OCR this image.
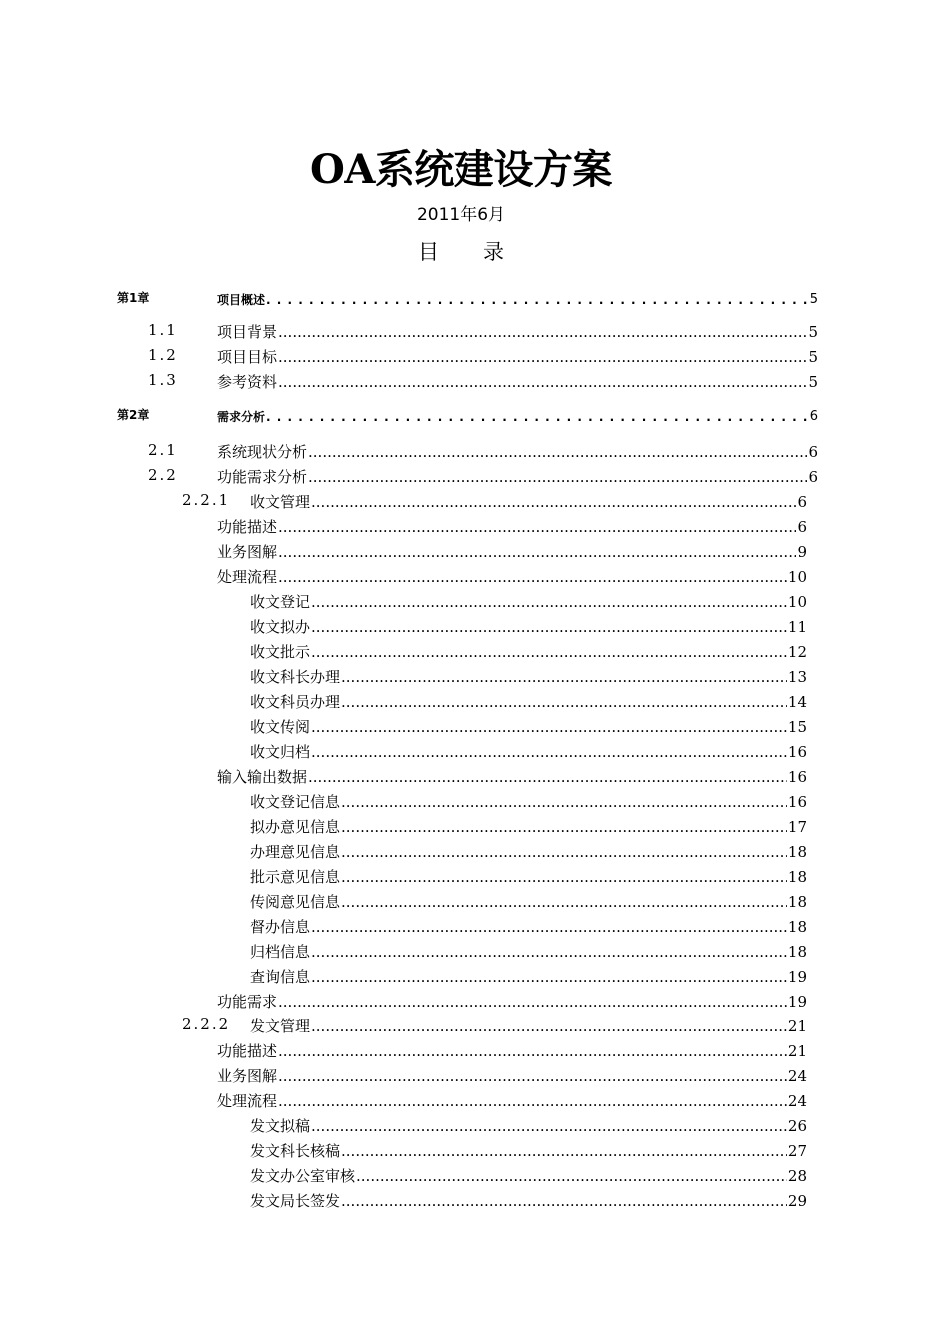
OA系统建设方案
2011年6月
目录
第1章	项目概述 . . .	5
1.1	项目背景 .....	5
1.2	项目目标 .....	5
1.3	参考资料 .....	5
第2章	需求分析 . . .	6
2.1	系统现状分析 .....	6
2.2	功能需求分析 .....	6
2.2.1 收文管理 .....	6
功能描述 .....	6
业务图解 .....	9
处理流程 .....	10
收文登记 .....	10
收文拟办 .....	11
收文批示 .....	12
收文科长办理 .....	13
收文科员办理 .....	14
收文传阅 .....	15
收文归档 .....	16
输入输出数据 .....	16
收文登记信息 .....	16
拟办意见信息 .....	17
办理意见信息 .....	18
批示意见信息 .....	18
传阅意见信息 .....	18
督办信息 .....	18
归档信息 .....	18
查询信息 .....	19
功能需求 .....	19
2.2.2 发文管理 .....	21
功能描述 .....	21
业务图解 .....	24
处理流程 .....	24
发文拟稿 .....	26
发文科长核稿 .....	27
发文办公室审核 .....	28
发文局长签发 .....	29
